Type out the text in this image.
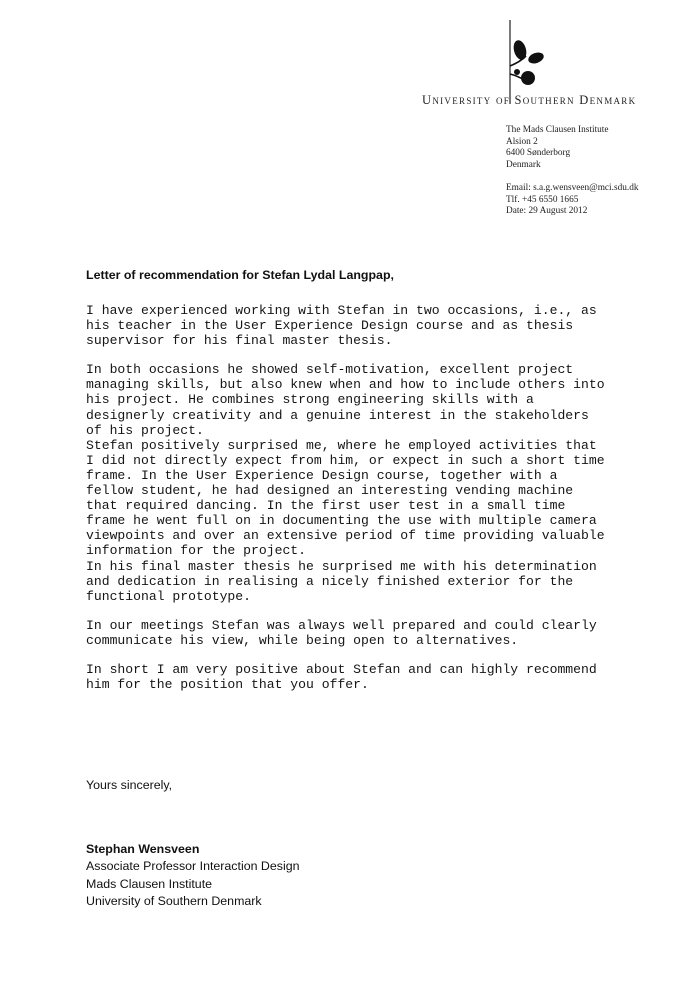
University of Southern Denmark
The Mads Clausen Institute
Alsion 2
6400 Sønderborg
Denmark
Email: s.a.g.wensveen@mci.sdu.dk
Tlf. +45 6550 1665
Date: 29 August 2012
Letter of recommendation for Stefan Lydal Langpap,
I have experienced working with Stefan in two occasions, i.e., as
his teacher in the User Experience Design course and as thesis
supervisor for his final master thesis.
In both occasions he showed self-motivation, excellent project
managing skills, but also knew when and how to include others into
his project. He combines strong engineering skills with a
designerly creativity and a genuine interest in the stakeholders
of his project.
Stefan positively surprised me, where he employed activities that
I did not directly expect from him, or expect in such a short time
frame. In the User Experience Design course, together with a
fellow student, he had designed an interesting vending machine
that required dancing. In the first user test in a small time
frame he went full on in documenting the use with multiple camera
viewpoints and over an extensive period of time providing valuable
information for the project.
In his final master thesis he surprised me with his determination
and dedication in realising a nicely finished exterior for the
functional prototype.
In our meetings Stefan was always well prepared and could clearly
communicate his view, while being open to alternatives.
In short I am very positive about Stefan and can highly recommend
him for the position that you offer.
Yours sincerely,
Stephan Wensveen
Associate Professor Interaction Design
Mads Clausen Institute
University of Southern Denmark
